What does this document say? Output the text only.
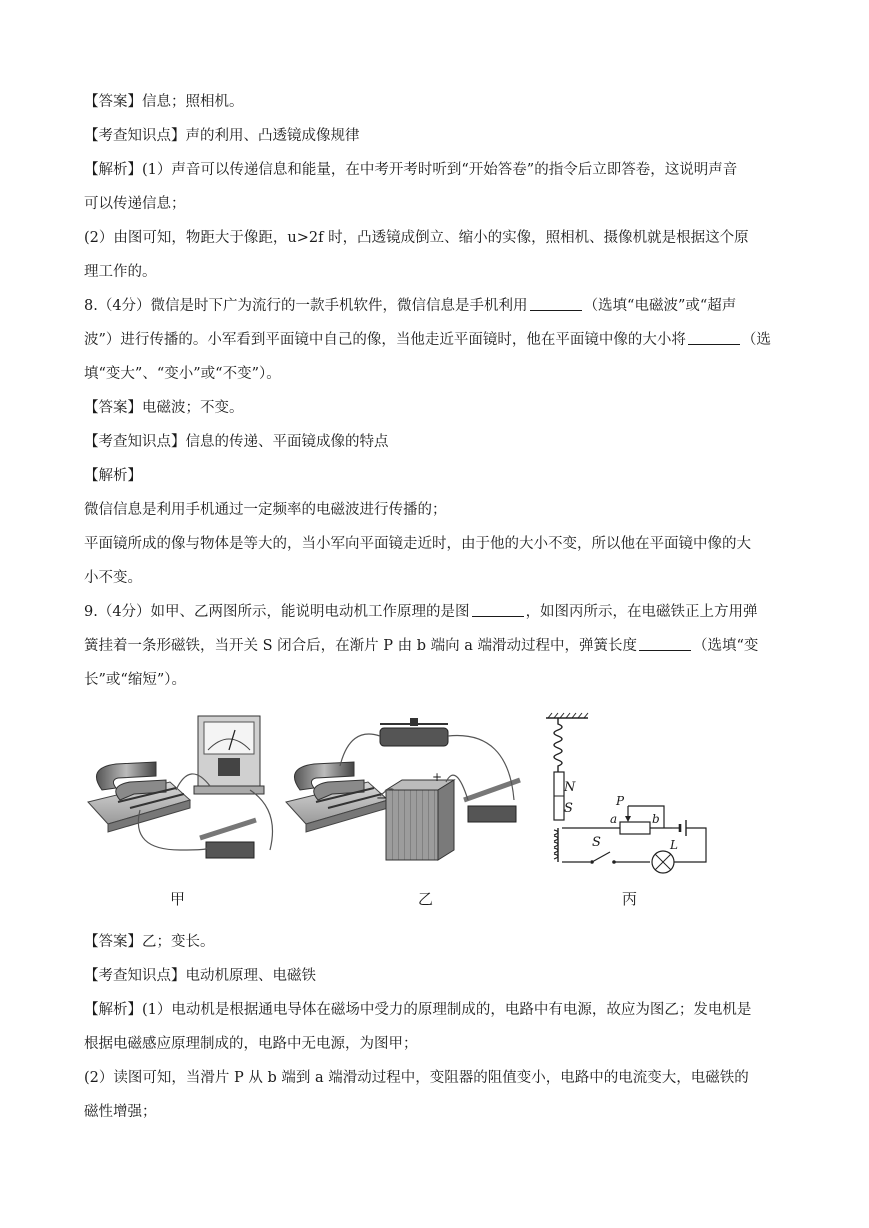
【答案】信息；照相机。
【考查知识点】声的利用、凸透镜成像规律
【解析】(1）声音可以传递信息和能量，在中考开考时听到“开始答卷”的指令后立即答卷，这说明声音
可以传递信息；
(2）由图可知，物距大于像距，u>2f 时，凸透镜成倒立、缩小的实像，照相机、摄像机就是根据这个原
理工作的。
8.（4分）微信是时下广为流行的一款手机软件，微信信息是手机利用	（选填“电磁波”或“超声
波”）进行传播的。小军看到平面镜中自己的像，当他走近平面镜时，他在平面镜中像的大小将	（选
填“变大”、“变小”或“不变”）。
【答案】电磁波；不变。
【考查知识点】信息的传递、平面镜成像的特点
【解析】
微信信息是利用手机通过一定频率的电磁波进行传播的；
平面镜所成的像与物体是等大的，当小军向平面镜走近时，由于他的大小不变，所以他在平面镜中像的大
小不变。
9.（4分）如甲、乙两图所示，能说明电动机工作原理的是图	，如图丙所示，在电磁铁正上方用弹
簧挂着一条形磁铁，当开关 S 闭合后，在渐片 P 由 b 端向 a 端滑动过程中，弹簧长度	（选填“变
长”或“缩短”）。
N
S	P
a	b
S	L
−
+
甲	乙	丙
【答案】乙；变长。
【考查知识点】电动机原理、电磁铁
【解析】(1）电动机是根据通电导体在磁场中受力的原理制成的，电路中有电源，故应为图乙；发电机是
根据电磁感应原理制成的，电路中无电源，为图甲；
(2）读图可知，当滑片 P 从 b 端到 a 端滑动过程中，变阻器的阻值变小，电路中的电流变大，电磁铁的
磁性增强；
